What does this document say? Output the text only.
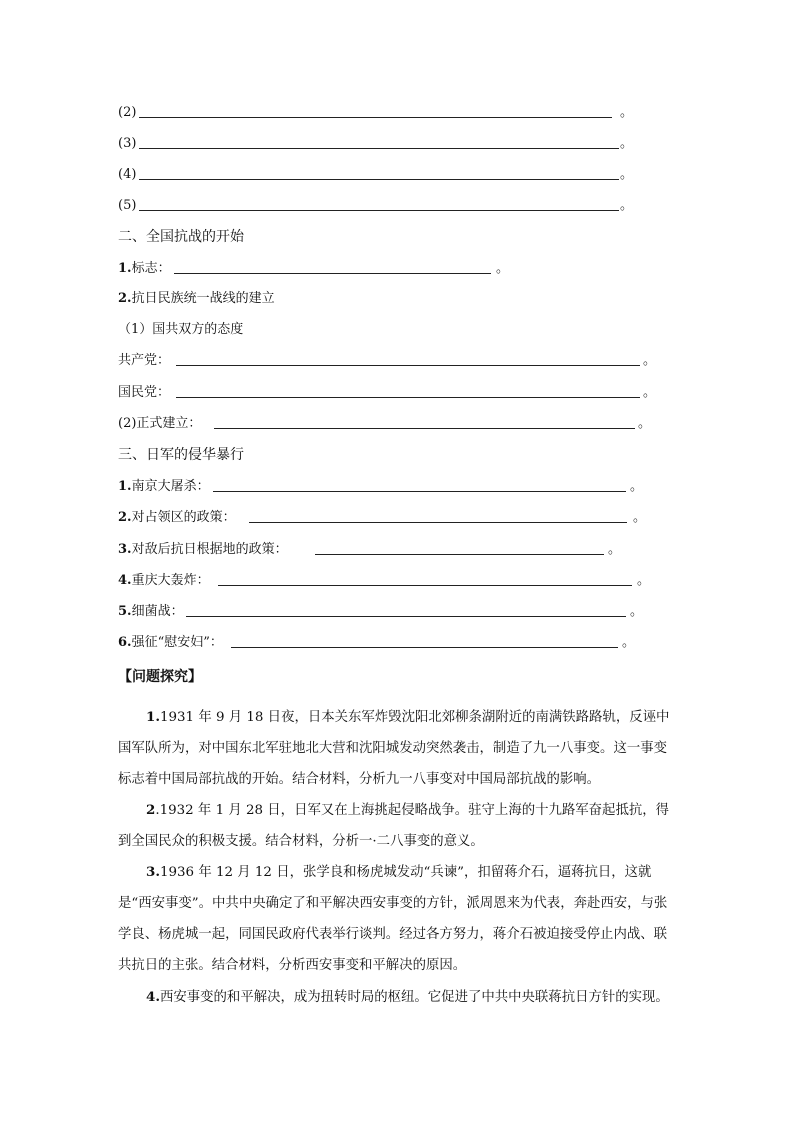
(2)	。
(3)	。
(4)	。
(5)	。
二、全国抗战的开始
1.标志：	。
2.抗日民族统一战线的建立
（1）国共双方的态度
共产党：	。
国民党：	。
(2)正式建立：	。
三、日军的侵华暴行
1.南京大屠杀：	。
2.对占领区的政策：	。
3.对敌后抗日根据地的政策：	。
4.重庆大轰炸：	。
5.细菌战：	。
6.强征“慰安妇”：	。
【问题探究】
1.1931 年 9 月 18 日夜，日本关东军炸毁沈阳北郊柳条湖附近的南满铁路路轨，反诬中国军队所为，对中国东北军驻地北大营和沈阳城发动突然袭击，制造了九一八事变。这一事变标志着中国局部抗战的开始。结合材料，分析九一八事变对中国局部抗战的影响。
2.1932 年 1 月 28 日，日军又在上海挑起侵略战争。驻守上海的十九路军奋起抵抗，得到全国民众的积极支援。结合材料，分析一·二八事变的意义。
3.1936 年 12 月 12 日，张学良和杨虎城发动“兵谏”，扣留蒋介石，逼蒋抗日，这就是“西安事变”。中共中央确定了和平解决西安事变的方针，派周恩来为代表，奔赴西安，与张学良、杨虎城一起，同国民政府代表举行谈判。经过各方努力，蒋介石被迫接受停止内战、联共抗日的主张。结合材料，分析西安事变和平解决的原因。
4.西安事变的和平解决，成为扭转时局的枢纽。它促进了中共中央联蒋抗日方针的实现。
